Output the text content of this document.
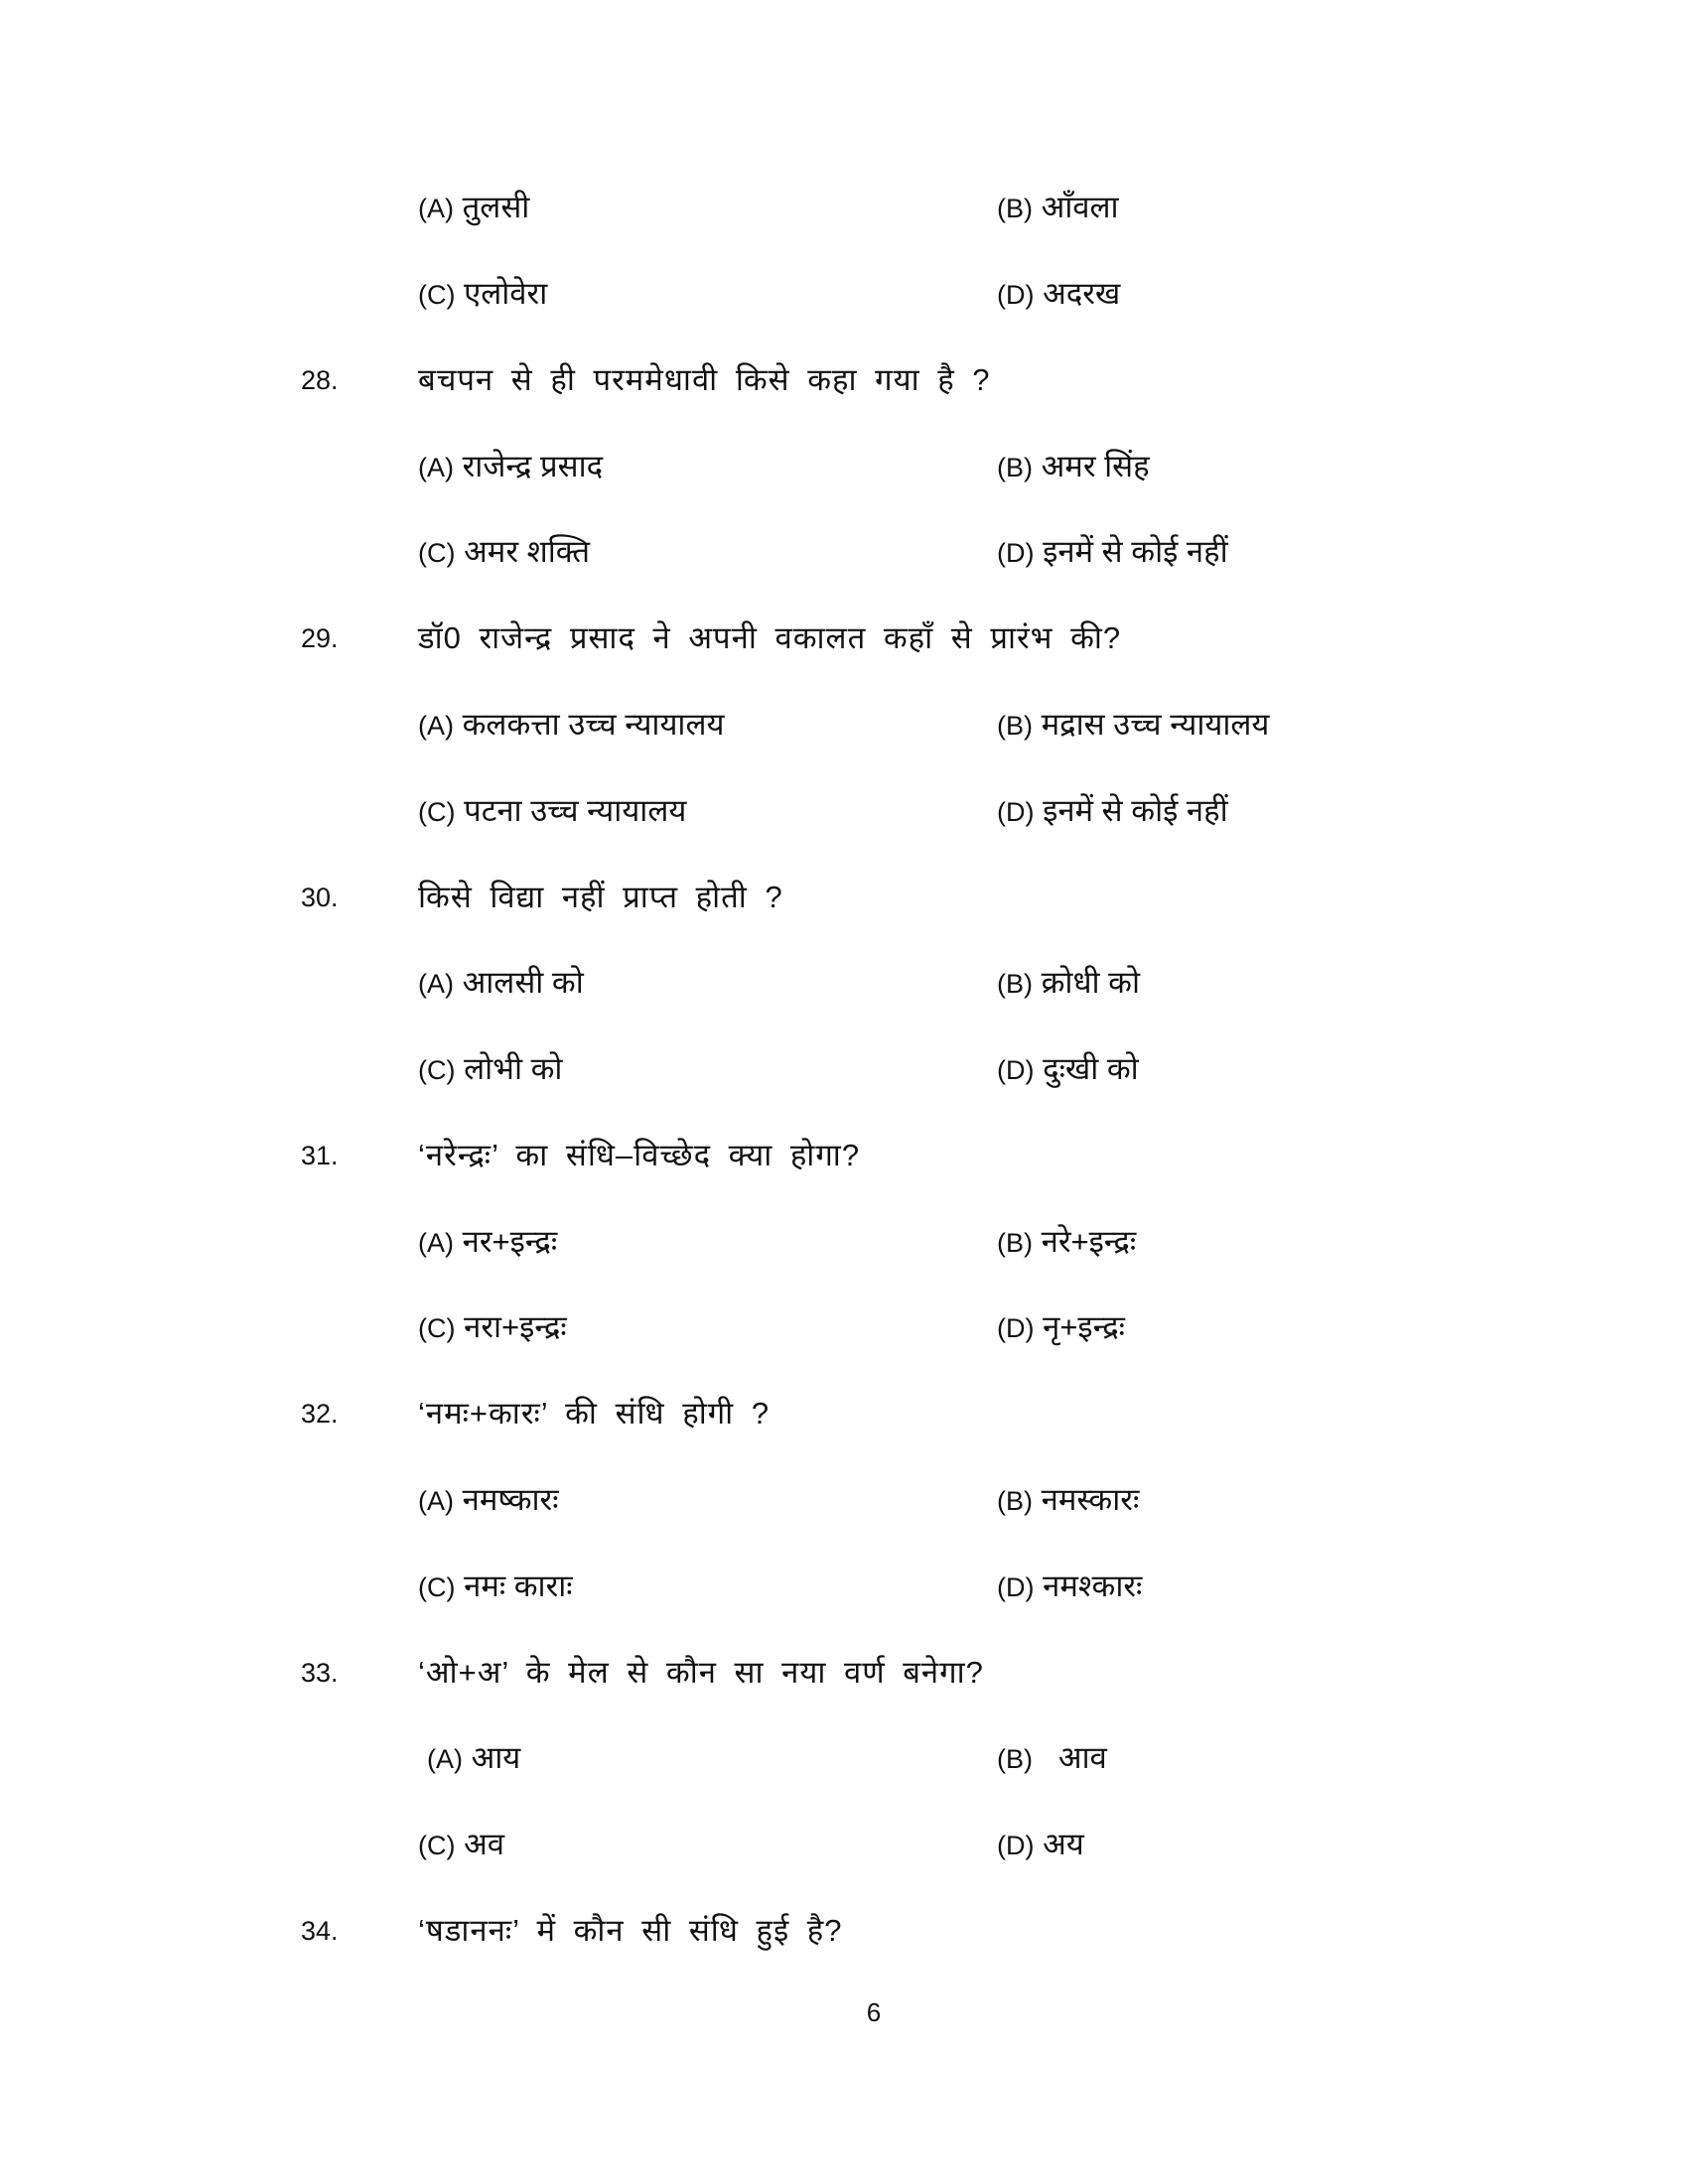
(A) तुलसी	(B) आँवला
(C) एलोवेरा	(D) अदरख
28.	बचपन से ही परममेधावी किसे कहा गया है ?
(A) राजेन्द्र प्रसाद	(B) अमर सिंह
(C) अमर शक्ति	(D) इनमें से कोई नहीं
29.	डॉ0 राजेन्द्र प्रसाद ने अपनी वकालत कहाँ से प्रारंभ की?
(A) कलकत्ता उच्च न्यायालय	(B) मद्रास उच्च न्यायालय
(C) पटना उच्च न्यायालय	(D) इनमें से कोई नहीं
30.	किसे विद्या नहीं प्राप्त होती ?
(A) आलसी को	(B) क्रोधी को
(C) लोभी को	(D) दुःखी को
31.	‘नरेन्द्रः’ का संधि–विच्छेद क्या होगा?
(A) नर+इन्द्रः	(B) नरे+इन्द्रः
(C) नरा+इन्द्रः	(D) नृ+इन्द्रः
32.	‘नमः+कारः’ की संधि होगी ?
(A) नमष्कारः	(B) नमस्कारः
(C) नमः काराः	(D) नमश्कारः
33.	‘ओ+अ’ के मेल से कौन सा नया वर्ण बनेगा?
(A) आय	(B)   आव
(C) अव	(D) अय
34.	‘षडाननः’ में कौन सी संधि हुई है?
6
